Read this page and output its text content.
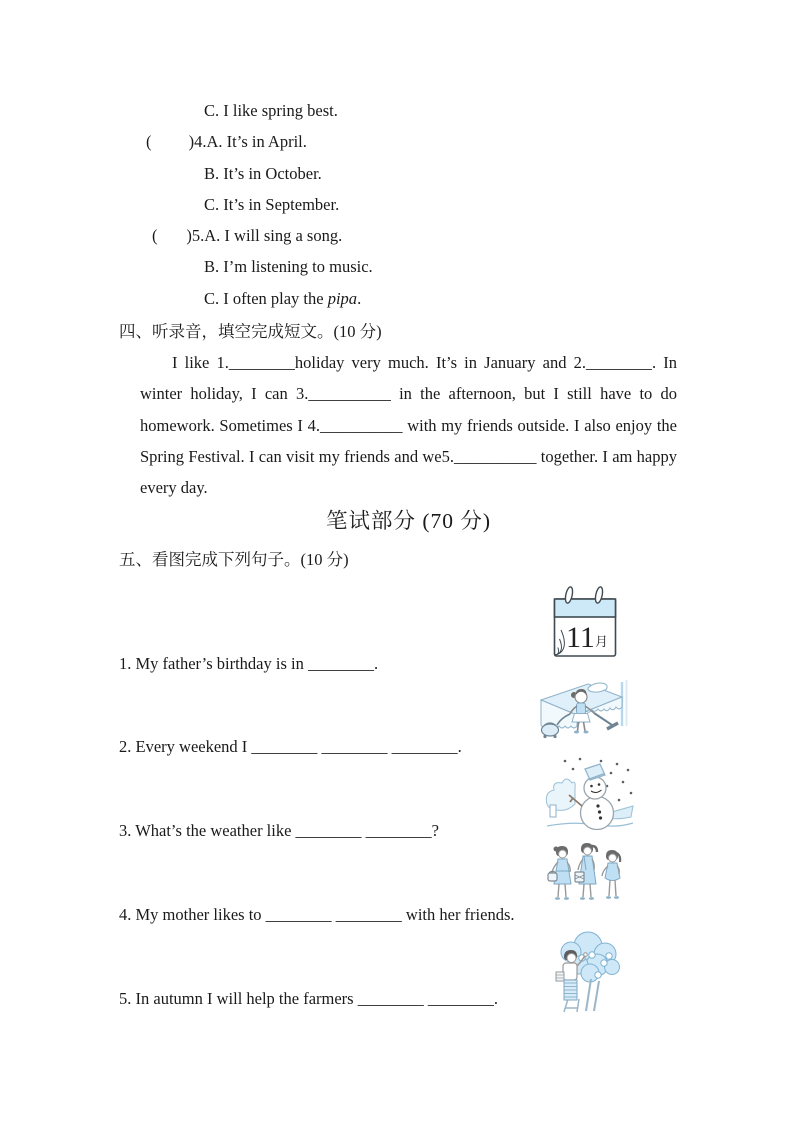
C. I like spring best.
(         )4.A. It’s in April.
B. It’s in October.
C. It’s in September.
(       )5.A. I will sing a song.
B. I’m listening to music.
C. I often play the pipa.
四、听录音，填空完成短文。(10 分)
I like 1.________holiday very much. It’s in January and 2.________. In
winter holiday, I can 3.__________ in the afternoon, but I still have to do
homework. Sometimes I 4.__________ with my friends outside. I also enjoy the
Spring Festival. I can visit my friends and we5.__________ together. I am happy
every day.
笔试部分 (70 分)
五、看图完成下列句子。(10 分)
1. My father’s birthday is in ________.
2. Every weekend I ________ ________ ________.
3. What’s the weather like ________ ________?
4. My mother likes to ________ ________ with her friends.
5. In autumn I will help the farmers ________ ________.
11 月
